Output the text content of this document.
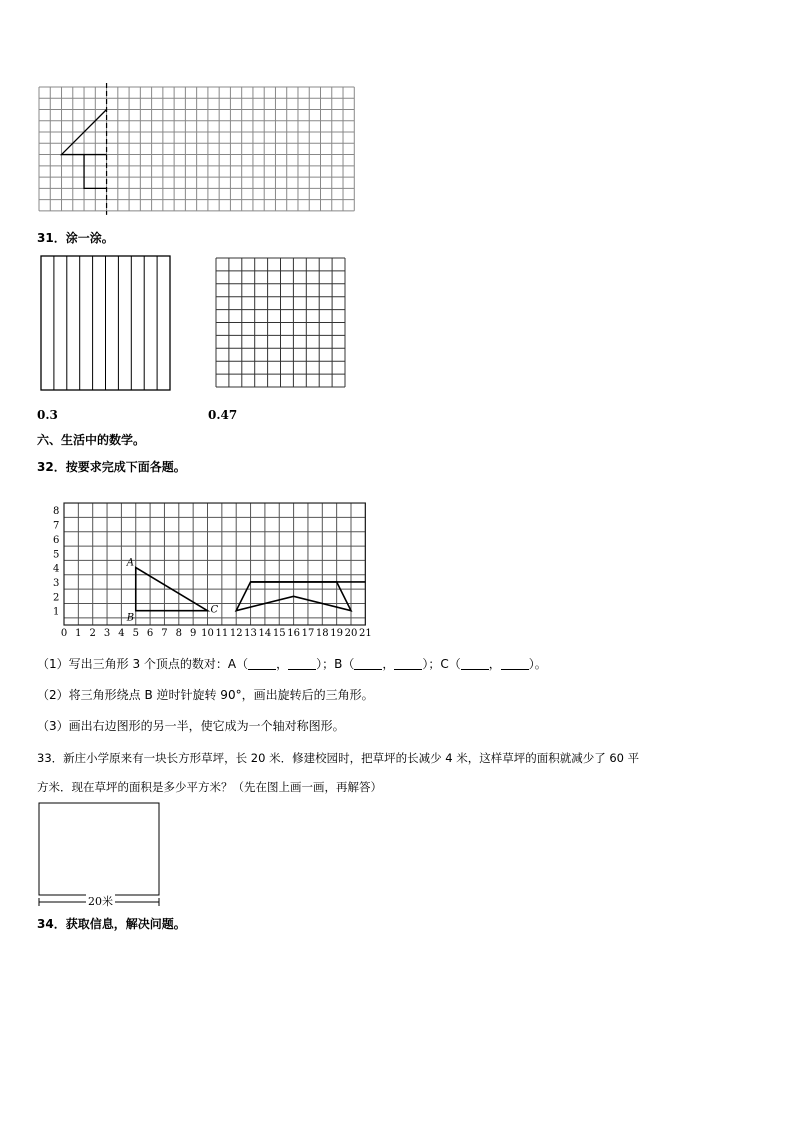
31．涂一涂。
0.3	0.47
六、生活中的数学。
32．按要求完成下面各题。
1
2
3
4
5
6
7
8
0 1 2 3 4 5 6 7 8 9 10 11 12 13 14 15 16 17 18 19 20 21
A
B
C
（1）写出三角形 3 个顶点的数对：A（ ， ）；B（ ， ）；C（ ， ）。
（2）将三角形绕点 B 逆时针旋转 90°，画出旋转后的三角形。
（3）画出右边图形的另一半，使它成为一个轴对称图形。
33．新庄小学原来有一块长方形草坪，长 20 米．修建校园时，把草坪的长减少 4 米，这样草坪的面积就减少了 60 平
方米．现在草坪的面积是多少平方米？（先在图上画一画，再解答）
20米
34．获取信息，解决问题。
